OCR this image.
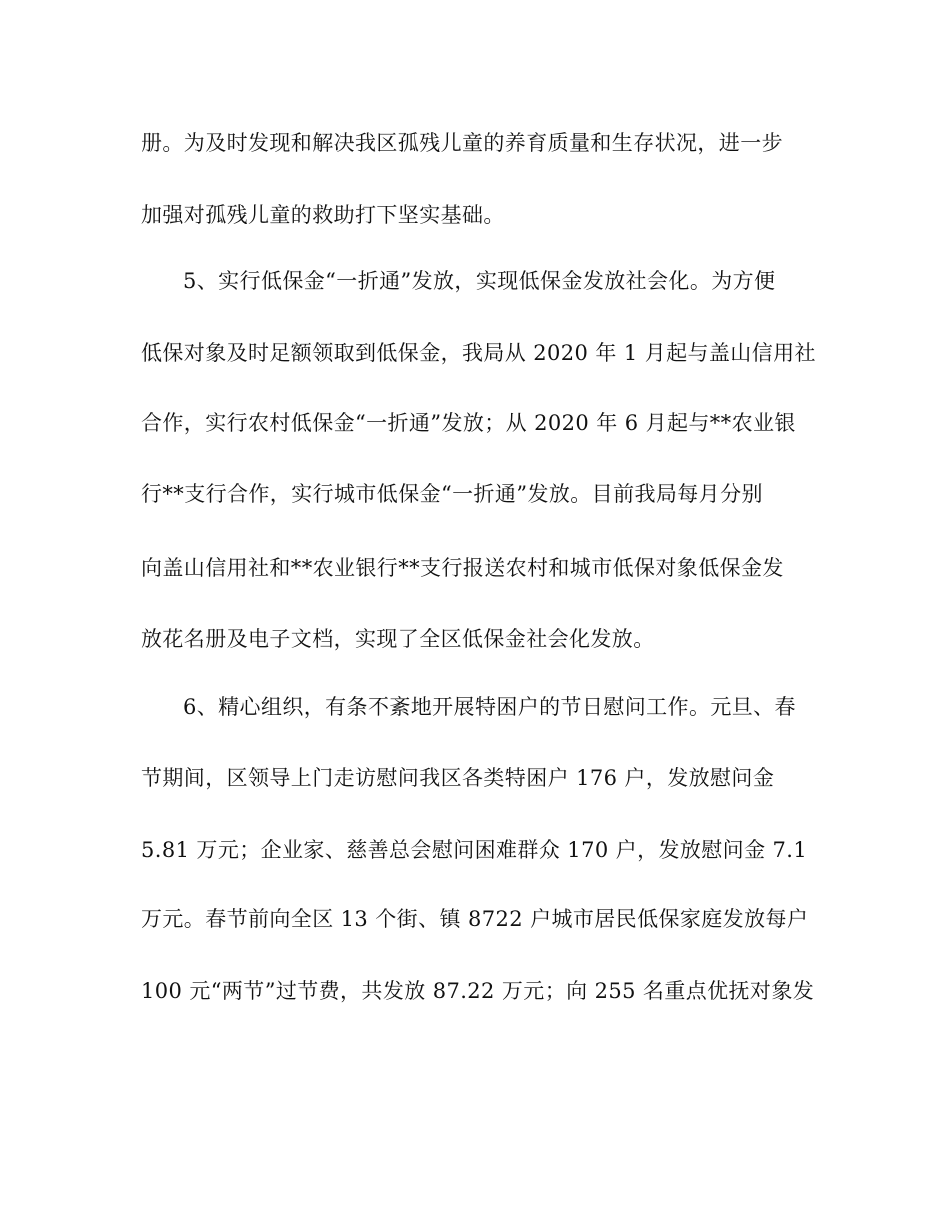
册。为及时发现和解决我区孤残儿童的养育质量和生存状况，进一步
加强对孤残儿童的救助打下坚实基础。
5、实行低保金“一折通”发放，实现低保金发放社会化。为方便
低保对象及时足额领取到低保金，我局从 2020 年 1 月起与盖山信用社
合作，实行农村低保金“一折通”发放；从 2020 年 6 月起与**农业银
行**支行合作，实行城市低保金“一折通”发放。目前我局每月分别
向盖山信用社和**农业银行**支行报送农村和城市低保对象低保金发
放花名册及电子文档，实现了全区低保金社会化发放。
6、精心组织，有条不紊地开展特困户的节日慰问工作。元旦、春
节期间，区领导上门走访慰问我区各类特困户 176 户，发放慰问金
5.81 万元；企业家、慈善总会慰问困难群众 170 户，发放慰问金 7.1
万元。春节前向全区 13 个街、镇 8722 户城市居民低保家庭发放每户
100 元“两节”过节费，共发放 87.22 万元；向 255 名重点优抚对象发
